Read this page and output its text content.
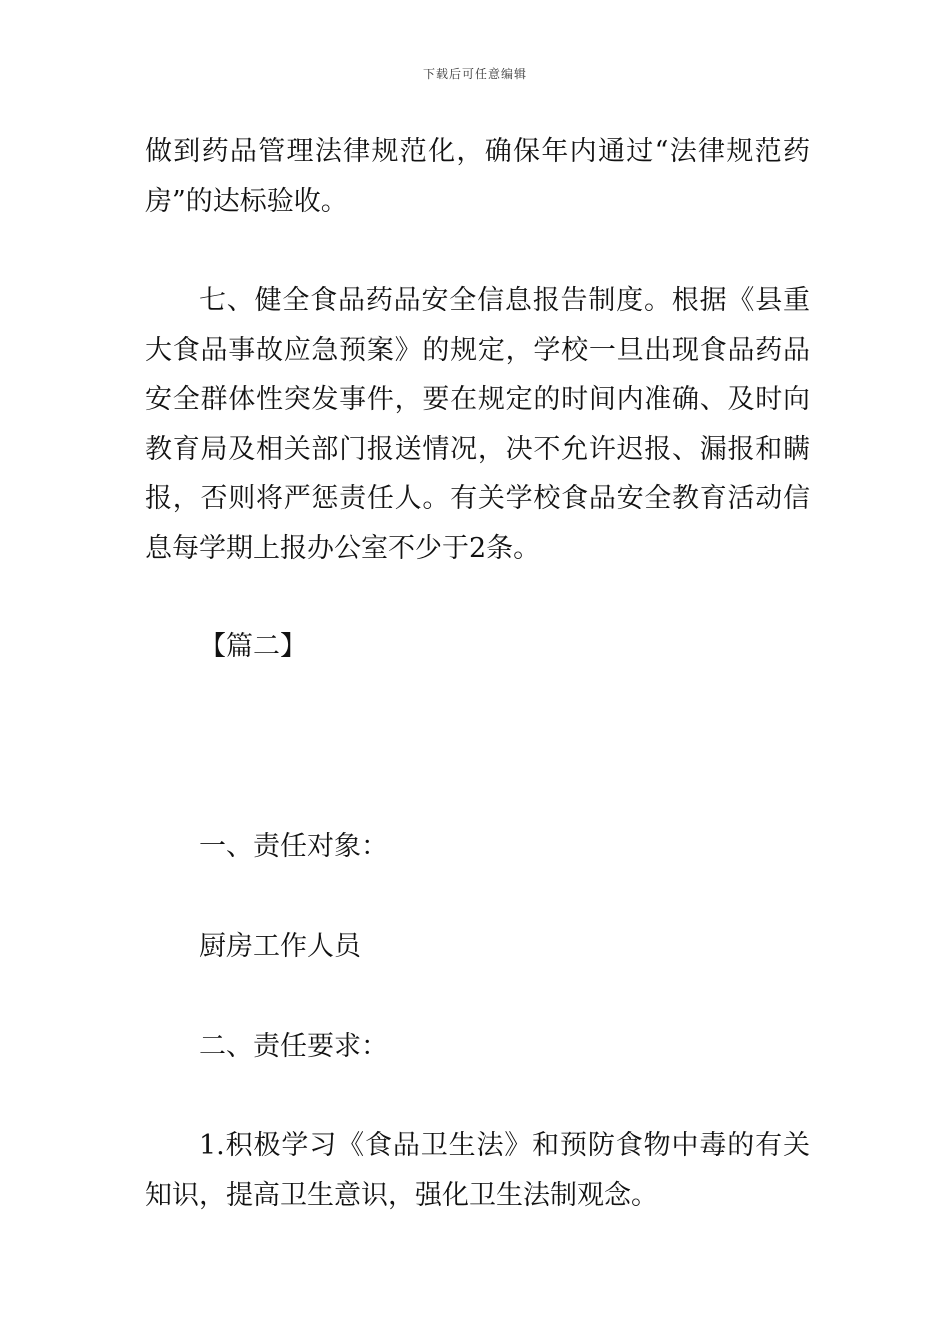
下载后可任意编辑

做到药品管理法律规范化，确保年内通过“法律规范药房”的达标验收。

七、健全食品药品安全信息报告制度。根据《县重大食品事故应急预案》的规定，学校一旦出现食品药品安全群体性突发事件，要在规定的时间内准确、及时向教育局及相关部门报送情况，决不允许迟报、漏报和瞒报，否则将严惩责任人。有关学校食品安全教育活动信息每学期上报办公室不少于2条。

【篇二】

一、责任对象：

厨房工作人员

二、责任要求：

1.积极学习《食品卫生法》和预防食物中毒的有关知识，提高卫生意识，强化卫生法制观念。
